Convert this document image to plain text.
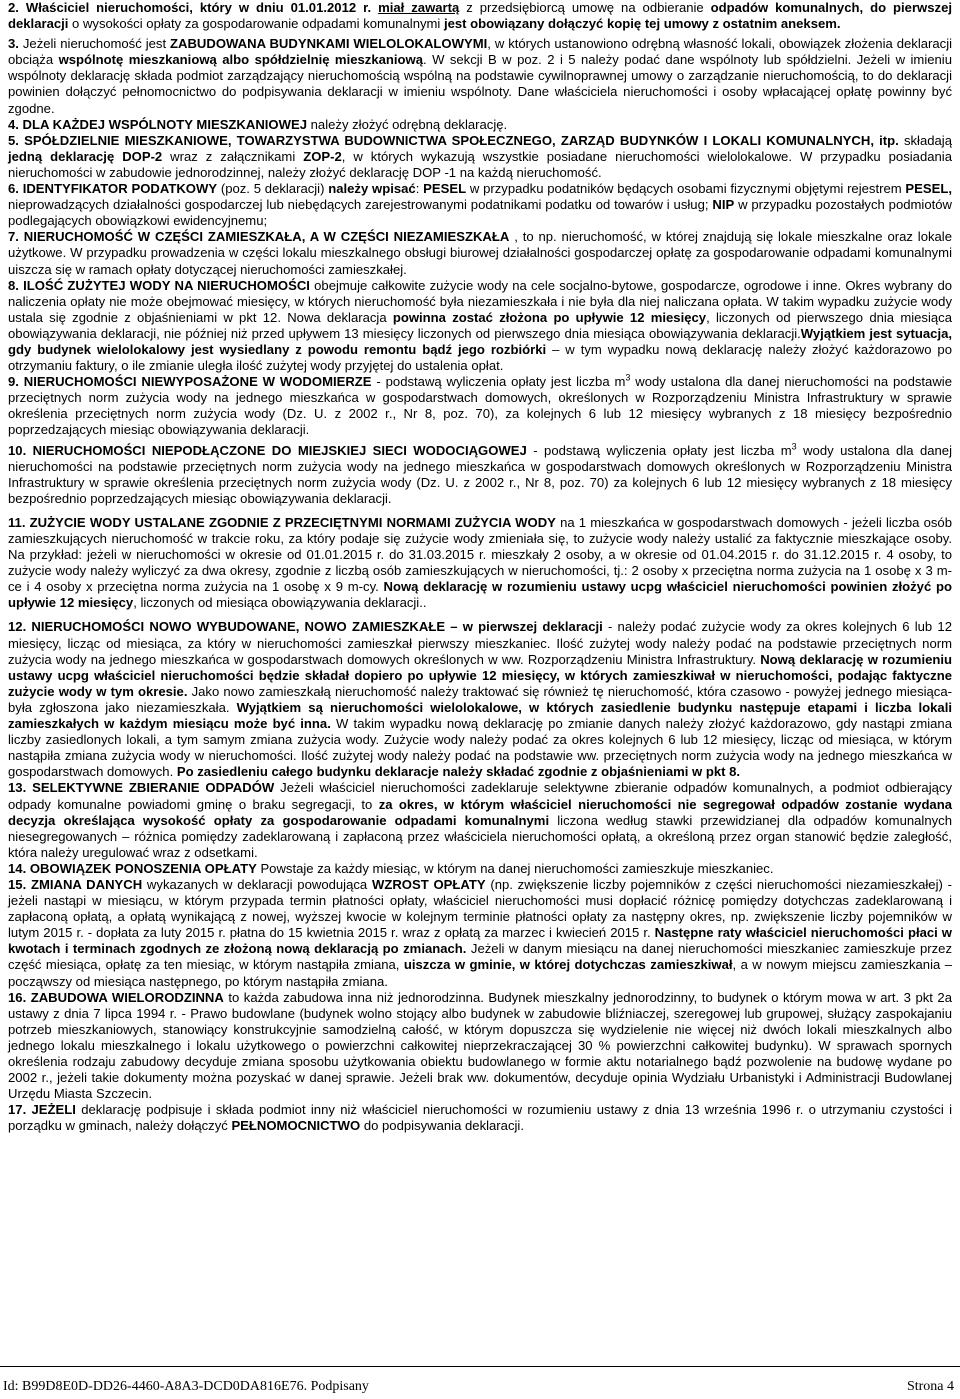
2. Właściciel nieruchomości, który w dniu 01.01.2012 r. miał zawartą z przedsiębiorcą umowę na odbieranie odpadów komunalnych, do pierwszej deklaracji o wysokości opłaty za gospodarowanie odpadami komunalnymi jest obowiązany dołączyć kopię tej umowy z ostatnim aneksem.

3. Jeżeli nieruchomość jest ZABUDOWANA BUDYNKAMI WIELOLOKALOWYMI, w których ustanowiono odrębną własność lokali, obowiązek złożenia deklaracji obciąża wspólnotę mieszkaniową albo spółdzielnię mieszkaniową. W sekcji B w poz. 2 i 5 należy podać dane wspólnoty lub spółdzielni. Jeżeli w imieniu wspólnoty deklarację składa podmiot zarządzający nieruchomością wspólną na podstawie cywilnoprawnej umowy o zarządzanie nieruchomością, to do deklaracji powinien dołączyć pełnomocnictwo do podpisywania deklaracji w imieniu wspólnoty. Dane właściciela nieruchomości i osoby wpłacającej opłatę powinny być zgodne.

4. DLA KAŻDEJ WSPÓLNOTY MIESZKANIOWEJ należy złożyć odrębną deklarację.

5. SPÓŁDZIELNIE MIESZKANIOWE, TOWARZYSTWA BUDOWNICTWA SPOŁECZNEGO, ZARZĄD BUDYNKÓW I LOKALI KOMUNALNYCH, itp. składają jedną deklarację DOP-2 wraz z załącznikami ZOP-2, w których wykazują wszystkie posiadane nieruchomości wielolokalowe. W przypadku posiadania nieruchomości w zabudowie jednorodzinnej, należy złożyć deklarację DOP -1 na każdą nieruchomość.

6. IDENTYFIKATOR PODATKOWY (poz. 5 deklaracji) należy wpisać: PESEL w przypadku podatników będących osobami fizycznymi objętymi rejestrem PESEL, nieprowadzących działalności gospodarczej lub niebędących zarejestrowanymi podatnikami podatku od towarów i usług; NIP w przypadku pozostałych podmiotów podlegających obowiązkowi ewidencyjnemu;

7. NIERUCHOMOŚĆ W CZĘŚCI ZAMIESZKAŁA, A W CZĘŚCI NIEZAMIESZKAŁA , to np. nieruchomość, w której znajdują się lokale mieszkalne oraz lokale użytkowe. W przypadku prowadzenia w części lokalu mieszkalnego obsługi biurowej działalności gospodarczej opłatę za gospodarowanie odpadami komunalnymi uiszcza się w ramach opłaty dotyczącej nieruchomości zamieszkałej.

8. ILOŚĆ ZUŻYTEJ WODY NA NIERUCHOMOŚCI obejmuje całkowite zużycie wody na cele socjalno-bytowe, gospodarcze, ogrodowe i inne. Okres wybrany do naliczenia opłaty nie może obejmować miesięcy, w których nieruchomość była niezamieszkała i nie była dla niej naliczana opłata. W takim wypadku zużycie wody ustala się zgodnie z objaśnieniami w pkt 12. Nowa deklaracja powinna zostać złożona po upływie 12 miesięcy, liczonych od pierwszego dnia miesiąca obowiązywania deklaracji, nie później niż przed upływem 13 miesięcy liczonych od pierwszego dnia miesiąca obowiązywania deklaracji.Wyjątkiem jest sytuacja, gdy budynek wielolokalowy jest wysiedlany z powodu remontu bądź jego rozbiórki – w tym wypadku nową deklarację należy złożyć każdorazowo po otrzymaniu faktury, o ile zmianie uległa ilość zużytej wody przyjętej do ustalenia opłat.

9. NIERUCHOMOŚCI NIEWYPOSAŻONE W WODOMIERZE - podstawą wyliczenia opłaty jest liczba $m^3$ wody ustalona dla danej nieruchomości na podstawie przeciętnych norm zużycia wody na jednego mieszkańca w gospodarstwach domowych, określonych w Rozporządzeniu Ministra Infrastruktury w sprawie określenia przeciętnych norm zużycia wody (Dz. U. z 2002 r., Nr 8, poz. 70), za kolejnych 6 lub 12 miesięcy wybranych z 18 miesięcy bezpośrednio poprzedzających miesiąc obowiązywania deklaracji.

10. NIERUCHOMOŚCI NIEPODŁĄCZONE DO MIEJSKIEJ SIECI WODOCIĄGOWEJ - podstawą wyliczenia opłaty jest liczba $m^3$ wody ustalona dla danej nieruchomości na podstawie przeciętnych norm zużycia wody na jednego mieszkańca w gospodarstwach domowych określonych w Rozporządzeniu Ministra Infrastruktury w sprawie określenia przeciętnych norm zużycia wody (Dz. U. z 2002 r., Nr 8, poz. 70) za kolejnych 6 lub 12 miesięcy wybranych z 18 miesięcy bezpośrednio poprzedzających miesiąc obowiązywania deklaracji.

11. ZUŻYCIE WODY USTALANE ZGODNIE Z PRZECIĘTNYMI NORMAMI ZUŻYCIA WODY na 1 mieszkańca w gospodarstwach domowych - jeżeli liczba osób zamieszkujących nieruchomość w trakcie roku, za który podaje się zużycie wody zmieniała się, to zużycie wody należy ustalić za faktycznie mieszkające osoby. Na przykład: jeżeli w nieruchomości w okresie od 01.01.2015 r. do 31.03.2015 r. mieszkały 2 osoby, a w okresie od 01.04.2015 r. do 31.12.2015 r. 4 osoby, to zużycie wody należy wyliczyć za dwa okresy, zgodnie z liczbą osób zamieszkujących w nieruchomości, tj.: 2 osoby x przeciętna norma zużycia na 1 osobę x 3 m-ce i 4 osoby x przeciętna norma zużycia na 1 osobę x 9 m-cy. Nową deklarację w rozumieniu ustawy ucpg właściciel nieruchomości powinien złożyć po upływie 12 miesięcy, liczonych od miesiąca obowiązywania deklaracji..

12. NIERUCHOMOŚCI NOWO WYBUDOWANE, NOWO ZAMIESZKAŁE – w pierwszej deklaracji - należy podać zużycie wody za okres kolejnych 6 lub 12 miesięcy, licząc od miesiąca, za który w nieruchomości zamieszkał pierwszy mieszkaniec. Ilość zużytej wody należy podać na podstawie przeciętnych norm zużycia wody na jednego mieszkańca w gospodarstwach domowych określonych w ww. Rozporządzeniu Ministra Infrastruktury. Nową deklarację w rozumieniu ustawy ucpg właściciel nieruchomości będzie składał dopiero po upływie 12 miesięcy, w których zamieszkiwał w nieruchomości, podając faktyczne zużycie wody w tym okresie. Jako nowo zamieszkałą nieruchomość należy traktować się również tę nieruchomość, która czasowo - powyżej jednego miesiąca- była zgłoszona jako niezamieszkała. Wyjątkiem są nieruchomości wielolokalowe, w których zasiedlenie budynku następuje etapami i liczba lokali zamieszkałych w każdym miesiącu może być inna. W takim wypadku nową deklarację po zmianie danych należy złożyć każdorazowo, gdy nastąpi zmiana liczby zasiedlonych lokali, a tym samym zmiana zużycia wody. Zużycie wody należy podać za okres kolejnych 6 lub 12 miesięcy, licząc od miesiąca, w którym nastąpiła zmiana zużycia wody w nieruchomości. Ilość zużytej wody należy podać na podstawie ww. przeciętnych norm zużycia wody na jednego mieszkańca w gospodarstwach domowych. Po zasiedleniu całego budynku deklaracje należy składać zgodnie z objaśnieniami w pkt 8.

13. SELEKTYWNE ZBIERANIE ODPADÓW Jeżeli właściciel nieruchomości zadeklaruje selektywne zbieranie odpadów komunalnych, a podmiot odbierający odpady komunalne powiadomi gminę o braku segregacji, to za okres, w którym właściciel nieruchomości nie segregował odpadów zostanie wydana decyzja określająca wysokość opłaty za gospodarowanie odpadami komunalnymi liczona według stawki przewidzianej dla odpadów komunalnych niesegregowanych – różnica pomiędzy zadeklarowaną i zapłaconą przez właściciela nieruchomości opłatą, a określoną przez organ stanowić będzie zaległość, która należy uregulować wraz z odsetkami.

14. OBOWIĄZEK PONOSZENIA OPŁATY Powstaje za każdy miesiąc, w którym na danej nieruchomości zamieszkuje mieszkaniec.

15. ZMIANA DANYCH wykazanych w deklaracji powodująca WZROST OPŁATY (np. zwiększenie liczby pojemników z części nieruchomości niezamieszkałej) - jeżeli nastąpi w miesiącu, w którym przypada termin płatności opłaty, właściciel nieruchomości musi dopłacić różnicę pomiędzy dotychczas zadeklarowaną i zapłaconą opłatą, a opłatą wynikającą z nowej, wyższej kwocie w kolejnym terminie płatności opłaty za następny okres, np. zwiększenie liczby pojemników w lutym 2015 r. - dopłata za luty 2015 r. płatna do 15 kwietnia 2015 r. wraz z opłatą za marzec i kwiecień 2015 r. Następne raty właściciel nieruchomości płaci w kwotach i terminach zgodnych ze złożoną nową deklaracją po zmianach. Jeżeli w danym miesiącu na danej nieruchomości mieszkaniec zamieszkuje przez część miesiąca, opłatę za ten miesiąc, w którym nastąpiła zmiana, uiszcza w gminie, w której dotychczas zamieszkiwał, a w nowym miejscu zamieszkania – począwszy od miesiąca następnego, po którym nastąpiła zmiana.

16. ZABUDOWA WIELORODZINNA to każda zabudowa inna niż jednorodzinna. Budynek mieszkalny jednorodzinny, to budynek o którym mowa w art. 3 pkt 2a ustawy z dnia 7 lipca 1994 r. - Prawo budowlane (budynek wolno stojący albo budynek w zabudowie bliźniaczej, szeregowej lub grupowej, służący zaspokajaniu potrzeb mieszkaniowych, stanowiący konstrukcyjnie samodzielną całość, w którym dopuszcza się wydzielenie nie więcej niż dwóch lokali mieszkalnych albo jednego lokalu mieszkalnego i lokalu użytkowego o powierzchni całkowitej nieprzekraczającej 30 % powierzchni całkowitej budynku). W sprawach spornych określenia rodzaju zabudowy decyduje zmiana sposobu użytkowania obiektu budowlanego w formie aktu notarialnego bądź pozwolenie na budowę wydane po 2002 r., jeżeli takie dokumenty można pozyskać w danej sprawie. Jeżeli brak ww. dokumentów, decyduje opinia Wydziału Urbanistyki i Administracji Budowlanej Urzędu Miasta Szczecin.

17. JEŻELI deklarację podpisuje i składa podmiot inny niż właściciel nieruchomości w rozumieniu ustawy z dnia 13 września 1996 r. o utrzymaniu czystości i porządku w gminach, należy dołączyć PEŁNOMOCNICTWO do podpisywania deklaracji.

Id: B99D8E0D-DD26-4460-A8A3-DCD0DA816E76. Podpisany	Strona 4
